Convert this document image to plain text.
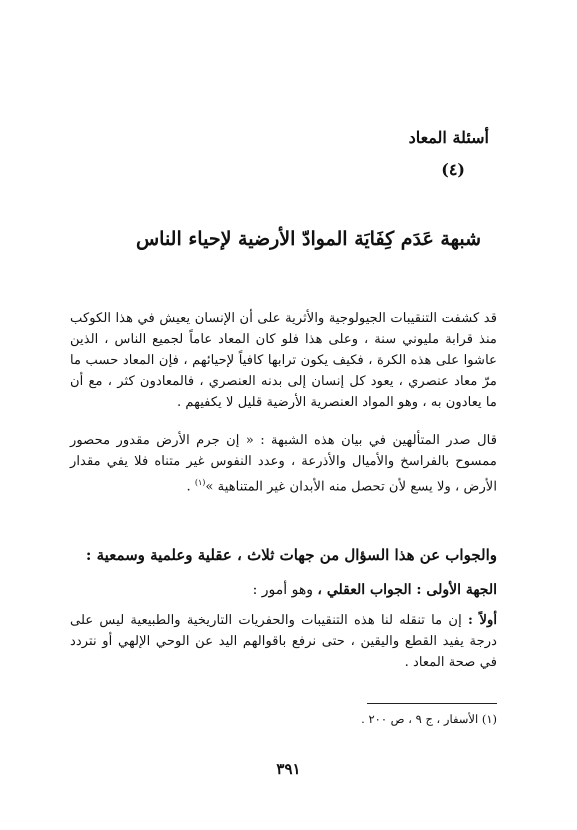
أسئلة المعاد

(٤)

شبهة عَدَم كِفَايَة الموادّ الأرضية لإحياء الناس

قد كشفت التنقيبات الجيولوجية والأثرية على أن الإنسان يعيش في هذا الكوكب منذ قرابة مليوني سنة ، وعلى هذا فلو كان المعاد عاماً لجميع الناس ، الذين عاشوا على هذه الكرة ، فكيف يكون ترابها كافياً لإحيائهم ، فإن المعاد حسب ما مرّ معاد عنصري ، يعود كل إنسان إلى بدنه العنصري ، فالمعادون كثر ، مع أن ما يعادون به ، وهو المواد العنصرية الأرضية قليل لا يكفيهم .

قال صدر المتألهين في بيان هذه الشبهة : « إن جرم الأرض مقدور محصور ممسوح بالفراسخ والأميال والأذرعة ، وعدد النفوس غير متناه فلا يفي مقدار الأرض ، ولا يسع لأن تحصل منه الأبدان غير المتناهية »$^{(١)}$ .

والجواب عن هذا السؤال من جهات ثلاث ، عقلية وعلمية وسمعية :

الجهة الأولى : الجواب العقلي ، وهو أمور :

أولاً : إن ما تنقله لنا هذه التنقيبات والحفريات التاريخية والطبيعية ليس على درجة يفيد القطع واليقين ، حتى نرفع باقوالهم اليد عن الوحي الإلهي أو نتردد في صحة المعاد .

(١) الأسفار ، ج ٩ ، ص ٢٠٠ .

٣٩١
